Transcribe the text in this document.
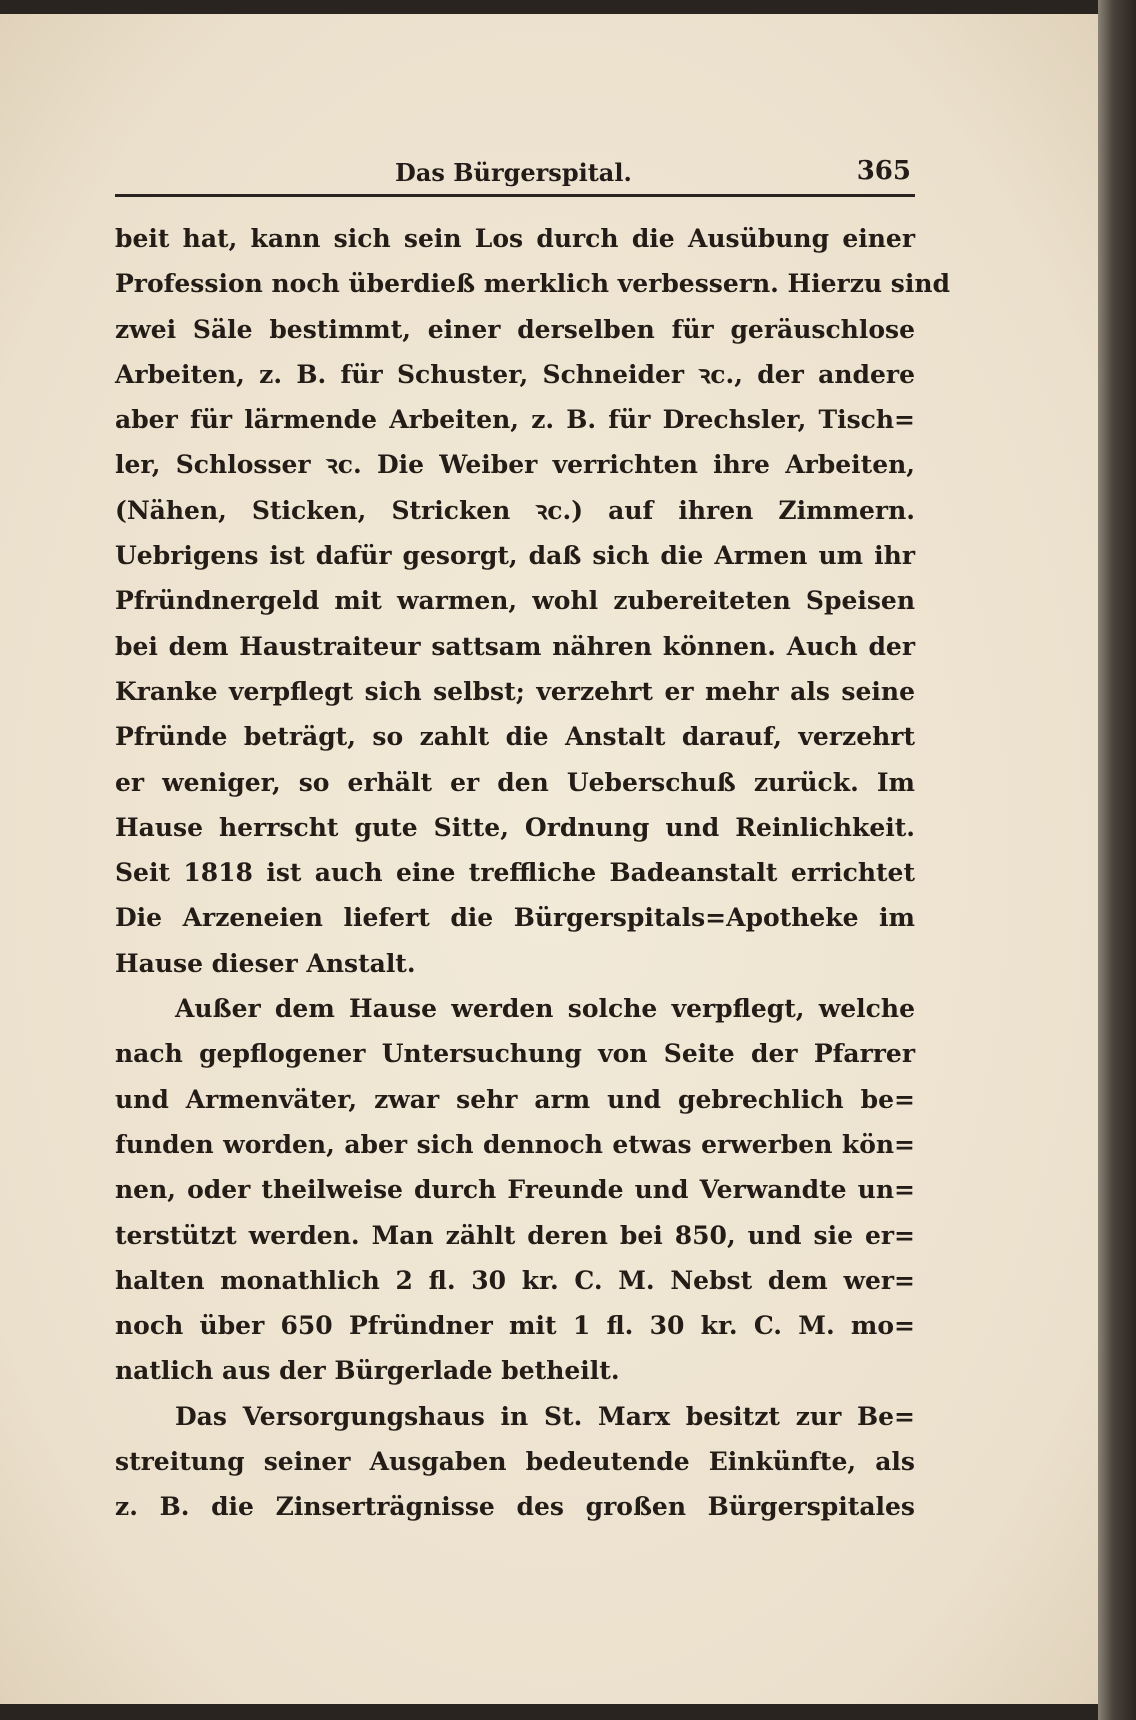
Das Bürgerspital.	365
beit hat, kann sich sein Los durch die Ausübung einer
Profession noch überdieß merklich verbessern. Hierzu sind
zwei Säle bestimmt, einer derselben für geräuschlose
Arbeiten, z. B. für Schuster, Schneider ꝛc., der andere
aber für lärmende Arbeiten, z. B. für Drechsler, Tisch=
ler, Schlosser ꝛc. Die Weiber verrichten ihre Arbeiten,
(Nähen, Sticken, Stricken ꝛc.) auf ihren Zimmern.
Uebrigens ist dafür gesorgt, daß sich die Armen um ihr
Pfründnergeld mit warmen, wohl zubereiteten Speisen
bei dem Haustraiteur sattsam nähren können. Auch der
Kranke verpflegt sich selbst; verzehrt er mehr als seine
Pfründe beträgt, so zahlt die Anstalt darauf, verzehrt
er weniger, so erhält er den Ueberschuß zurück. Im
Hause herrscht gute Sitte, Ordnung und Reinlichkeit.
Seit 1818 ist auch eine treffliche Badeanstalt errichtet
Die Arzeneien liefert die Bürgerspitals=Apotheke im
Hause dieser Anstalt.
Außer dem Hause werden solche verpflegt, welche
nach gepflogener Untersuchung von Seite der Pfarrer
und Armenväter, zwar sehr arm und gebrechlich be=
funden worden, aber sich dennoch etwas erwerben kön=
nen, oder theilweise durch Freunde und Verwandte un=
terstützt werden. Man zählt deren bei 850, und sie er=
halten monathlich 2 fl. 30 kr. C. M. Nebst dem wer=
noch über 650 Pfründner mit 1 fl. 30 kr. C. M. mo=
natlich aus der Bürgerlade betheilt.
Das Versorgungshaus in St. Marx besitzt zur Be=
streitung seiner Ausgaben bedeutende Einkünfte, als
z. B. die Zinserträgnisse des großen Bürgerspitales
